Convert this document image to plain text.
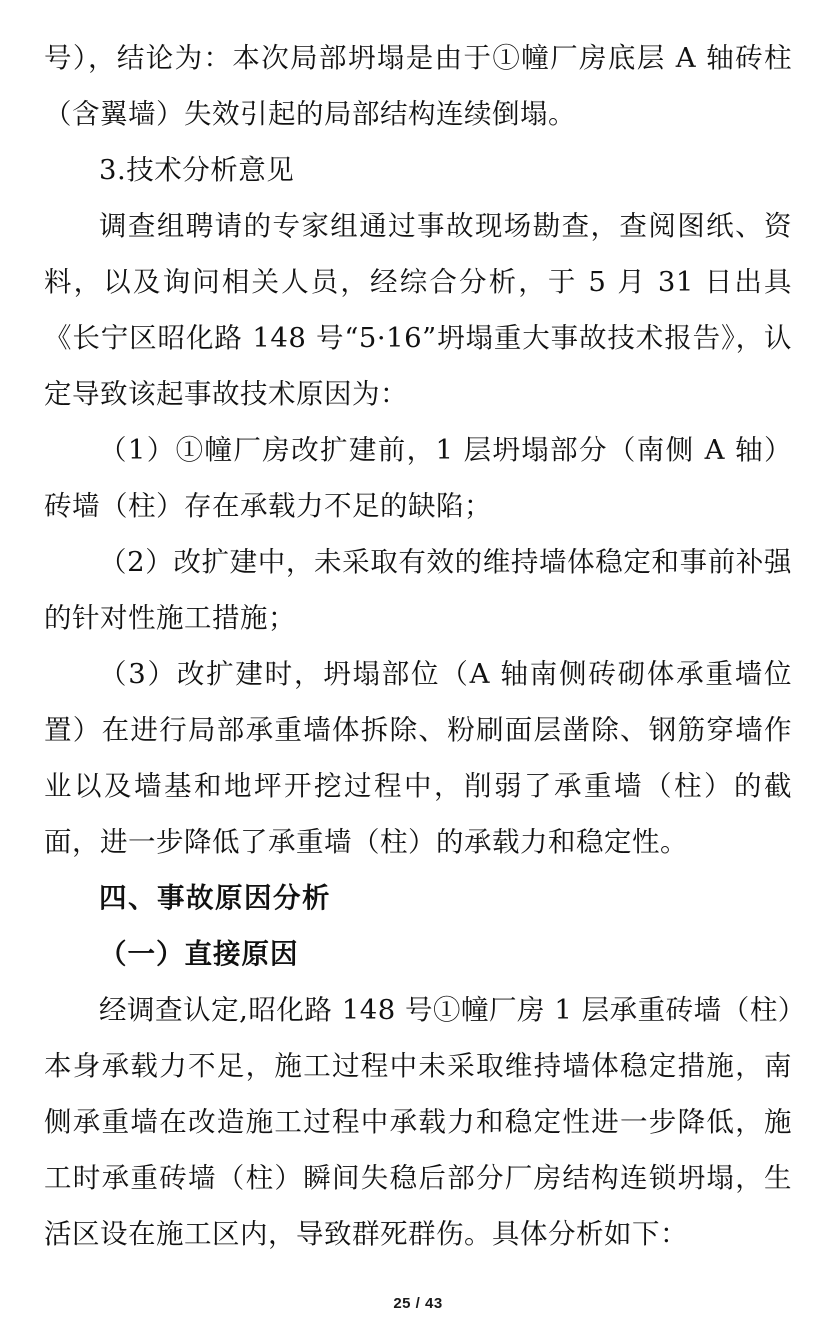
号），结论为：本次局部坍塌是由于①幢厂房底层 A 轴砖柱（含翼墙）失效引起的局部结构连续倒塌。

3.技术分析意见

调查组聘请的专家组通过事故现场勘查，查阅图纸、资料，以及询问相关人员，经综合分析，于 5 月 31 日出具《长宁区昭化路 148 号“5·16”坍塌重大事故技术报告》，认定导致该起事故技术原因为：

（1）①幢厂房改扩建前，1 层坍塌部分（南侧 A 轴）砖墙（柱）存在承载力不足的缺陷；

（2）改扩建中，未采取有效的维持墙体稳定和事前补强的针对性施工措施；

（3）改扩建时，坍塌部位（A 轴南侧砖砌体承重墙位置）在进行局部承重墙体拆除、粉刷面层凿除、钢筋穿墙作业以及墙基和地坪开挖过程中，削弱了承重墙（柱）的截面，进一步降低了承重墙（柱）的承载力和稳定性。

四、事故原因分析

（一）直接原因

经调查认定,昭化路 148 号①幢厂房 1 层承重砖墙（柱）本身承载力不足，施工过程中未采取维持墙体稳定措施，南侧承重墙在改造施工过程中承载力和稳定性进一步降低，施工时承重砖墙（柱）瞬间失稳后部分厂房结构连锁坍塌，生活区设在施工区内，导致群死群伤。具体分析如下：

25 / 43
